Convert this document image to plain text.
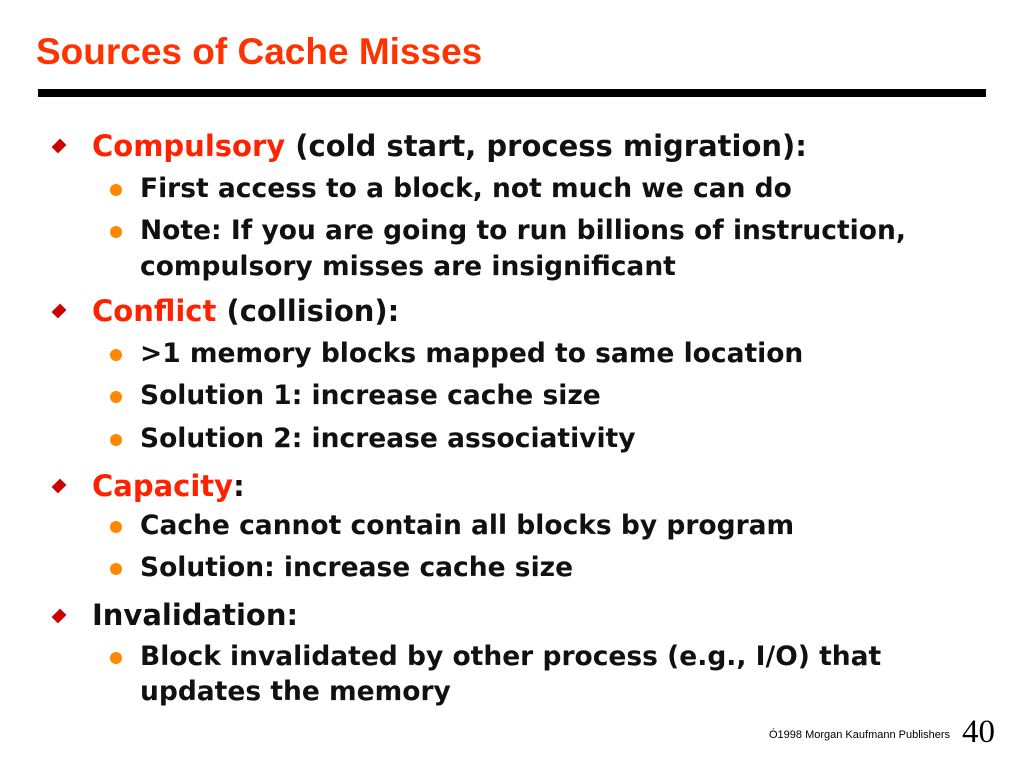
Sources of Cache Misses
Compulsory (cold start, process migration):
First access to a block, not much we can do
Note: If you are going to run billions of instruction,
compulsory misses are insignificant
Conflict (collision):
>1 memory blocks mapped to same location
Solution 1: increase cache size
Solution 2: increase associativity
Capacity:
Cache cannot contain all blocks by program
Solution: increase cache size
Invalidation:
Block invalidated by other process (e.g., I/O) that
updates the memory
Ó1998 Morgan Kaufmann Publishers 40
